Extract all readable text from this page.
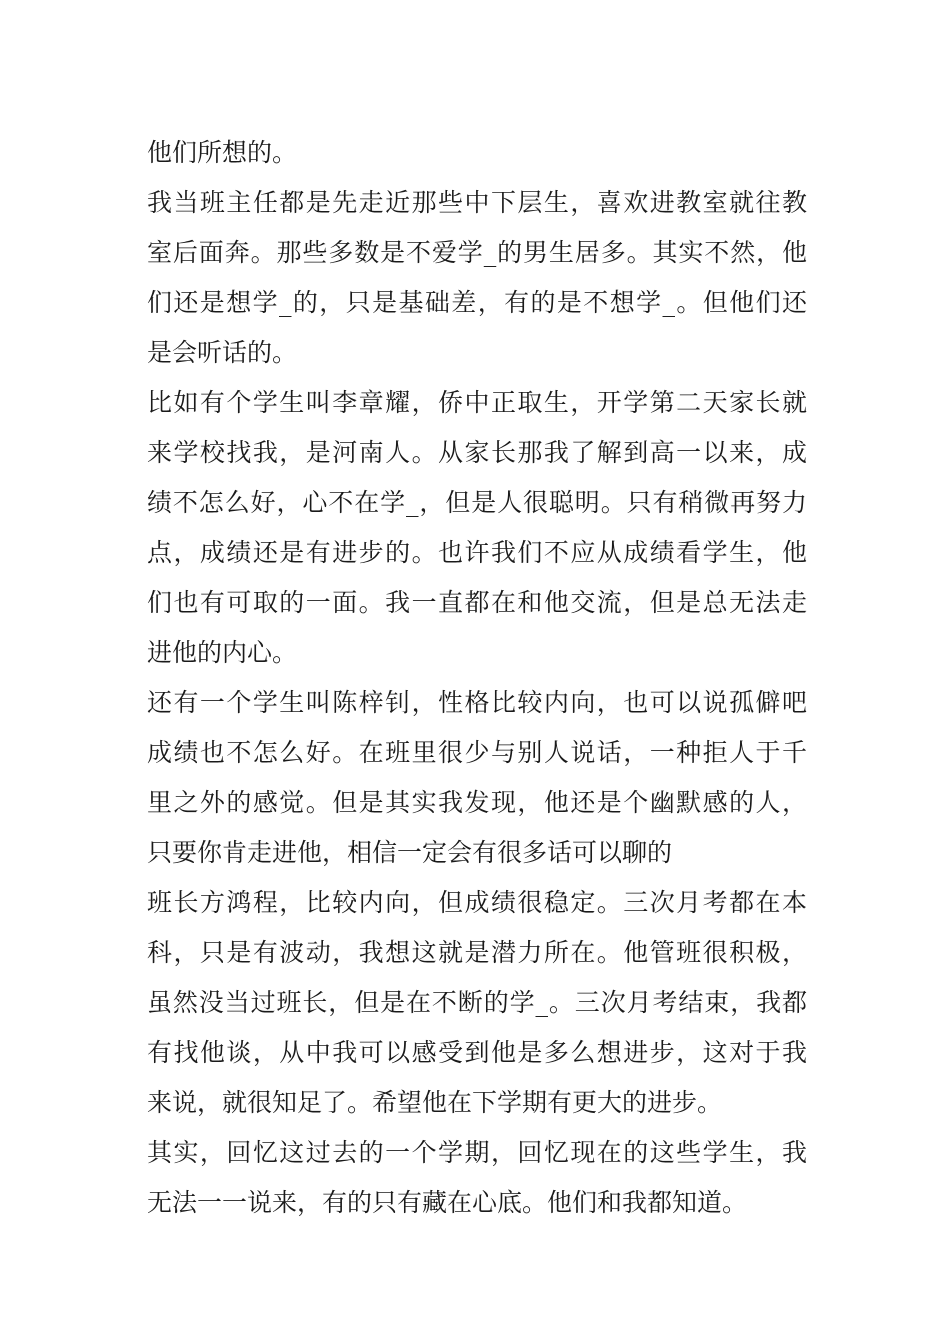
他们所想的。
我当班主任都是先走近那些中下层生，喜欢进教室就往教
室后面奔。那些多数是不爱学_的男生居多。其实不然，他
们还是想学_的，只是基础差，有的是不想学_。但他们还
是会听话的。
比如有个学生叫李章耀，侨中正取生，开学第二天家长就
来学校找我，是河南人。从家长那我了解到高一以来，成
绩不怎么好，心不在学_，但是人很聪明。只有稍微再努力
点，成绩还是有进步的。也许我们不应从成绩看学生，他
们也有可取的一面。我一直都在和他交流，但是总无法走
进他的内心。
还有一个学生叫陈梓钊，性格比较内向，也可以说孤僻吧
成绩也不怎么好。在班里很少与别人说话，一种拒人于千
里之外的感觉。但是其实我发现，他还是个幽默感的人，
只要你肯走进他，相信一定会有很多话可以聊的
班长方鸿程，比较内向，但成绩很稳定。三次月考都在本
科，只是有波动，我想这就是潜力所在。他管班很积极，
虽然没当过班长，但是在不断的学_。三次月考结束，我都
有找他谈，从中我可以感受到他是多么想进步，这对于我
来说，就很知足了。希望他在下学期有更大的进步。
其实，回忆这过去的一个学期，回忆现在的这些学生，我
无法一一说来，有的只有藏在心底。他们和我都知道。
